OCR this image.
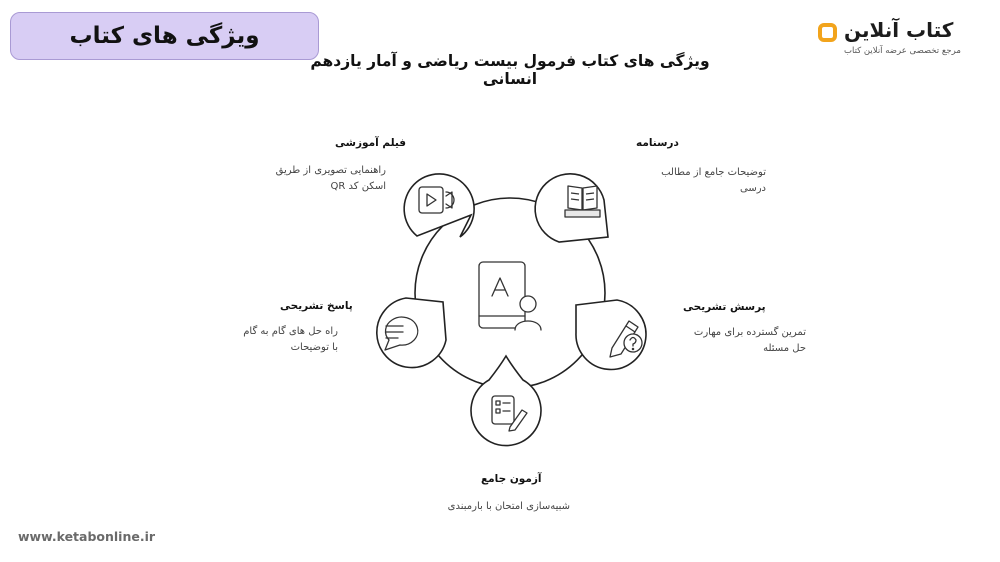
ویژگی های کتاب	کتاب آنلاین
مرجع تخصصی عرضه آنلاین کتاب
ویژگی های کتاب فرمول بیست ریاضی و آمار یازدهم انسانی
درسنامه
توضیحات جامع از مطالب درسی
پرسش تشریحی
تمرین گسترده برای مهارت حل مسئله
آزمون جامع
شبیه‌سازی امتحان با بارمبندی
پاسخ تشریحی
راه حل های گام به گام با توضیحات
فیلم آموزشی
راهنمایی تصویری از طریق اسکن کد QR
www.ketabonline.ir
